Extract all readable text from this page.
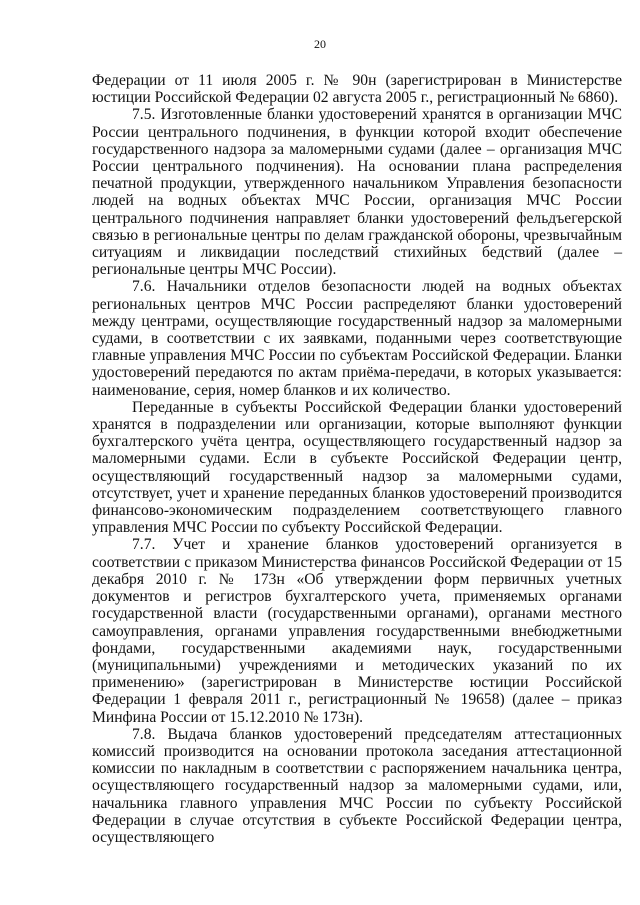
20

Федерации от 11 июля 2005 г. № 90н (зарегистрирован в Министерстве юстиции Российской Федерации 02 августа 2005 г., регистрационный № 6860).

7.5. Изготовленные бланки удостоверений хранятся в организации МЧС России центрального подчинения, в функции которой входит обеспечение государственного надзора за маломерными судами (далее – организация МЧС России центрального подчинения). На основании плана распределения печатной продукции, утвержденного начальником Управления безопасности людей на водных объектах МЧС России, организация МЧС России центрального подчинения направляет бланки удостоверений фельдъегерской связью в региональные центры по делам гражданской обороны, чрезвычайным ситуациям и ликвидации последствий стихийных бедствий (далее – региональные центры МЧС России).

7.6. Начальники отделов безопасности людей на водных объектах региональных центров МЧС России распределяют бланки удостоверений между центрами, осуществляющие государственный надзор за маломерными судами, в соответствии с их заявками, поданными через соответствующие главные управления МЧС России по субъектам Российской Федерации. Бланки удостоверений передаются по актам приёма-передачи, в которых указывается: наименование, серия, номер бланков и их количество.

Переданные в субъекты Российской Федерации бланки удостоверений хранятся в подразделении или организации, которые выполняют функции бухгалтерского учёта центра, осуществляющего государственный надзор за маломерными судами. Если в субъекте Российской Федерации центр, осуществляющий государственный надзор за маломерными судами, отсутствует, учет и хранение переданных бланков удостоверений производится финансово-экономическим подразделением соответствующего главного управления МЧС России по субъекту Российской Федерации.

7.7. Учет и хранение бланков удостоверений организуется в соответствии с приказом Министерства финансов Российской Федерации от 15 декабря 2010 г. № 173н «Об утверждении форм первичных учетных документов и регистров бухгалтерского учета, применяемых органами государственной власти (государственными органами), органами местного самоуправления, органами управления государственными внебюджетными фондами, государственными академиями наук, государственными (муниципальными) учреждениями и методических указаний по их применению» (зарегистрирован в Министерстве юстиции Российской Федерации 1 февраля 2011 г., регистрационный № 19658) (далее – приказ Минфина России от 15.12.2010 № 173н).

7.8. Выдача бланков удостоверений председателям аттестационных комиссий производится на основании протокола заседания аттестационной комиссии по накладным в соответствии с распоряжением начальника центра, осуществляющего государственный надзор за маломерными судами, или, начальника главного управления МЧС России по субъекту Российской Федерации в случае отсутствия в субъекте Российской Федерации центра, осуществляющего
